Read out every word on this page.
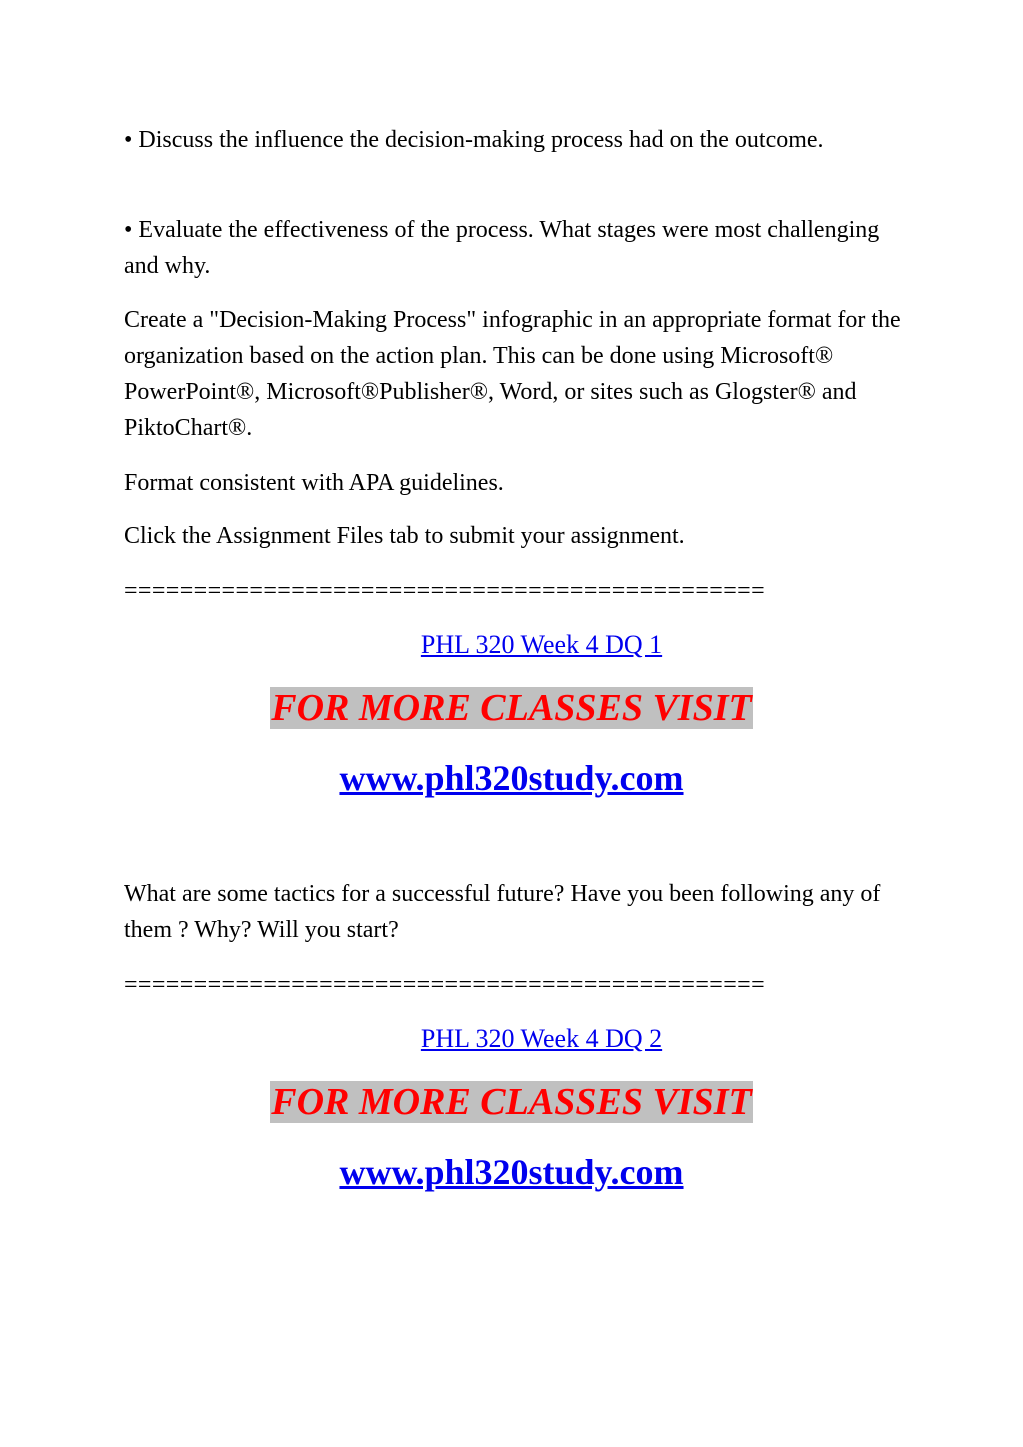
• Discuss the influence the decision-making process had on the outcome.

• Evaluate the effectiveness of the process. What stages were most challenging and why.

Create a "Decision-Making Process" infographic in an appropriate format for the organization based on the action plan. This can be done using Microsoft® PowerPoint®, Microsoft®Publisher®, Word, or sites such as Glogster® and PiktoChart®.

Format consistent with APA guidelines.

Click the Assignment Files tab to submit your assignment.

==============================================

PHL 320 Week 4 DQ 1

FOR MORE CLASSES VISIT

www.phl320study.com

What are some tactics for a successful future? Have you been following any of them ? Why? Will you start?

==============================================

PHL 320 Week 4 DQ 2

FOR MORE CLASSES VISIT

www.phl320study.com
